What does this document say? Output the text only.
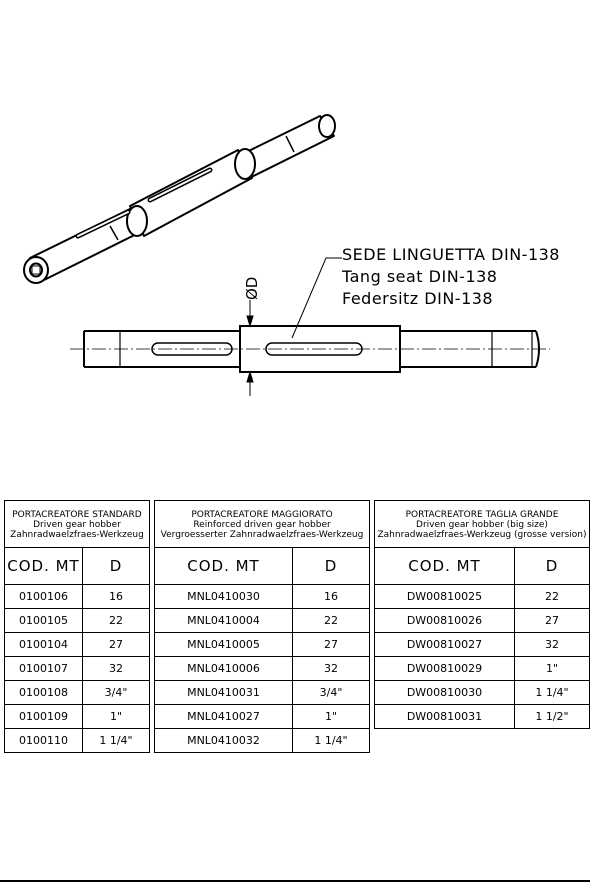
ØD
SEDE LINGUETTA DIN-138
Tang seat DIN-138
Federsitz DIN-138
PORTACREATORE STANDARD
Driven gear hobber
Zahnradwaelzfraes-Werkzeug
COD. MT	D
0100106	16
0100105	22
0100104	27
0100107	32
0100108	3/4"
0100109	1"
0100110	1 1/4"
PORTACREATORE MAGGIORATO
Reinforced driven gear hobber
Vergroesserter Zahnradwaelzfraes-Werkzeug
COD. MT	D
MNL0410030	16
MNL0410004	22
MNL0410005	27
MNL0410006	32
MNL0410031	3/4"
MNL0410027	1"
MNL0410032	1 1/4"
PORTACREATORE TAGLIA GRANDE
Driven gear hobber (big size)
Zahnradwaelzfraes-Werkzeug (grosse version)
COD. MT	D
DW00810025	22
DW00810026	27
DW00810027	32
DW00810029	1"
DW00810030	1 1/4"
DW00810031	1 1/2"
